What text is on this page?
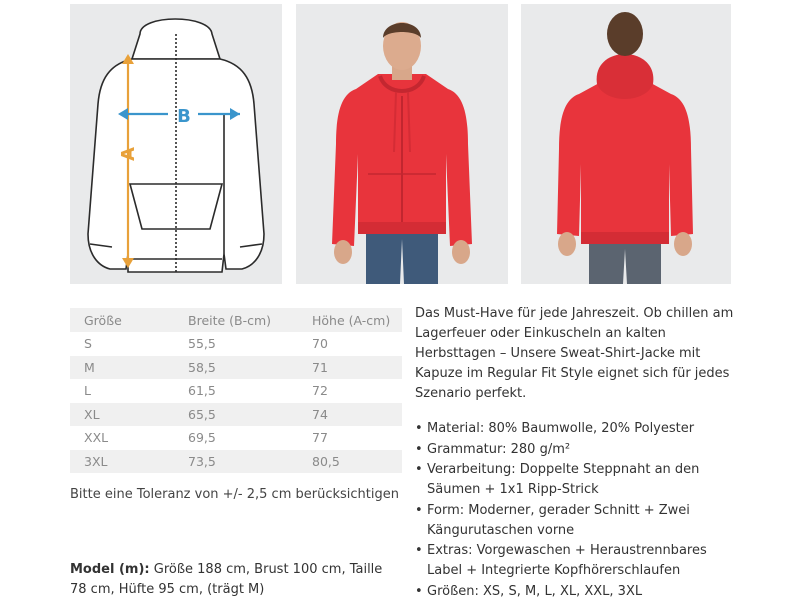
A
B
Größe	Breite (B-cm)	Höhe (A-cm)
S	55,5	70
M	58,5	71
L	61,5	72
XL	65,5	74
XXL	69,5	77
3XL	73,5	80,5
Bitte eine Toleranz von +/- 2,5 cm berücksichtigen
Model (m): Größe 188 cm, Brust 100 cm, Taille 78 cm, Hüfte 95 cm, (trägt M)
Das Must-Have für jede Jahreszeit. Ob chillen am Lagerfeuer oder Einkuscheln an kalten Herbsttagen – Unsere Sweat-Shirt-Jacke mit Kapuze im Regular Fit Style eignet sich für jedes Szenario perfekt.
• Material: 80% Baumwolle, 20% Polyester
• Grammatur: 280 g/m²
• Verarbeitung: Doppelte Steppnaht an den Säumen + 1x1 Ripp-Strick
• Form: Moderner, gerader Schnitt + Zwei Kängurutaschen vorne
• Extras: Vorgewaschen + Heraustrennbares Label + Integrierte Kopfhörerschlaufen
• Größen: XS, S, M, L, XL, XXL, 3XL
